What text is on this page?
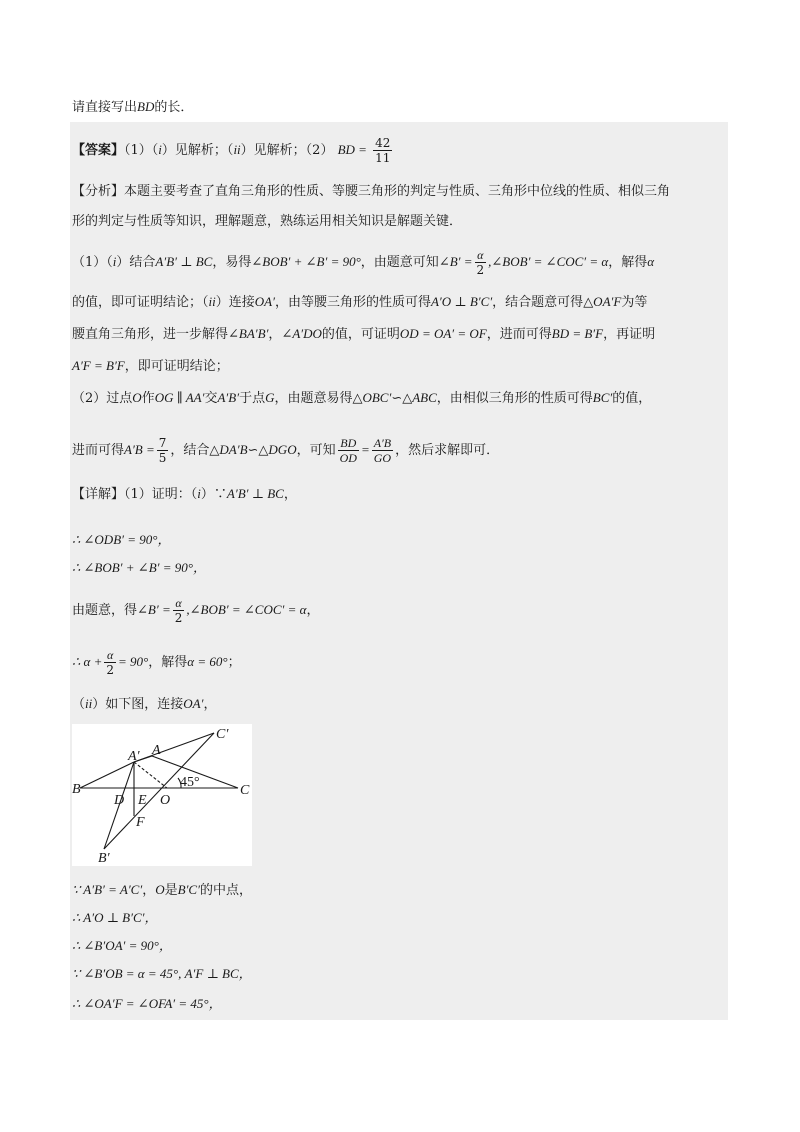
请直接写出BD的长．
【答案】（1）（i）见解析；（ii）见解析；（2） BD = $\frac{42}{11}$
【分析】本题主要考查了直角三角形的性质、等腰三角形的判定与性质、三角形中位线的性质、相似三角
形的判定与性质等知识，理解题意，熟练运用相关知识是解题关键．
（1）（i）结合A′B′ ⊥ BC，易得∠BOB′ + ∠B′ = 90°，由题意可知∠B′ = $\frac{\alpha}{2}$ ,∠BOB′ = ∠COC′ = α，解得α
的值，即可证明结论；（ii）连接OA′，由等腰三角形的性质可得A′O ⊥ B′C′，结合题意可得△OA′F为等
腰直角三角形，进一步解得∠BA′B′，∠A′DO的值，可证明OD = OA′ = OF，进而可得BD = B′F，再证明
A′F = B′F，即可证明结论；
（2）过点O作OG ∥ AA′交A′B′于点G，由题意易得△OBC′∽△ABC，由相似三角形的性质可得BC′的值，
进而可得$A'B = \frac{7}{5}$ ，结合△DA′B∽△DGO，可知 $\frac{BD}{OD} = \frac{A'B}{GO}$ ，然后求解即可．
【详解】（1）证明：（i）∵A′B′ ⊥ BC，
∴ ∠ODB′ = 90°，
∴ ∠BOB′ + ∠B′ = 90°，
由题意，得∠B′ = $\frac{\alpha}{2}$ ,∠BOB′ = ∠COC′ = α，
∴ $\alpha + \frac{\alpha}{2} = 90^\circ$，解得α = 60°；
（ii）如下图，连接OA′，
B	C
C′
A
A′
D E O
F
B′
45°
∵ A′B′ = A′C′，O是B′C′的中点，
∴ A′O ⊥ B′C′，
∴ ∠B′OA′ = 90°，
∵ ∠B′OB = α = 45°, A′F ⊥ BC，
∴ ∠OA′F = ∠OFA′ = 45°，
